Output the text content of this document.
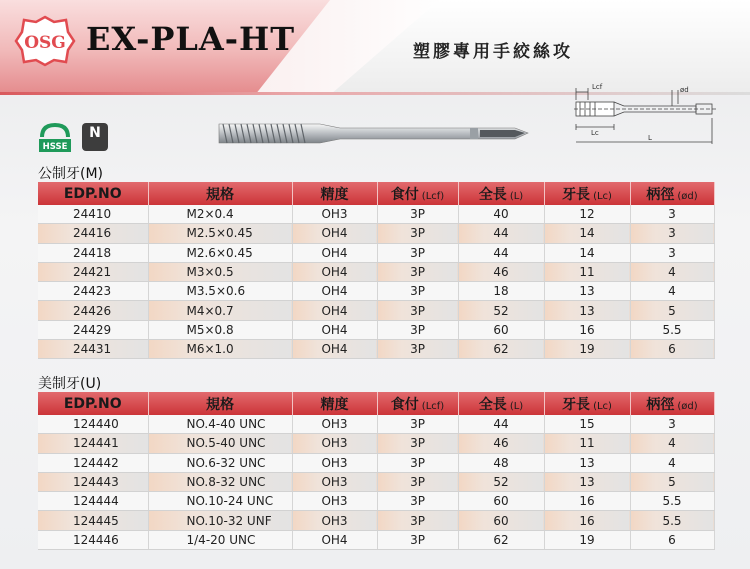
OSG EX-PLA-HT	塑膠專用手絞絲攻
Lcf	ød
Lc
L
HSSE
N
公制牙(M)
EDP.NO	規格	精度	食付 (Lcf)	全長 (L)	牙長 (Lc)	柄徑 (ød)
24410	M2×0.4	OH3	3P	40	12	3
24416	M2.5×0.45	OH4	3P	44	14	3
24418	M2.6×0.45	OH4	3P	44	14	3
24421	M3×0.5	OH4	3P	46	11	4
24423	M3.5×0.6	OH4	3P	18	13	4
24426	M4×0.7	OH4	3P	52	13	5
24429	M5×0.8	OH4	3P	60	16	5.5
24431	M6×1.0	OH4	3P	62	19	6
美制牙(U)
EDP.NO	規格	精度	食付 (Lcf)	全長 (L)	牙長 (Lc)	柄徑 (ød)
124440	NO.4-40 UNC	OH3	3P	44	15	3
124441	NO.5-40 UNC	OH3	3P	46	11	4
124442	NO.6-32 UNC	OH3	3P	48	13	4
124443	NO.8-32 UNC	OH3	3P	52	13	5
124444	NO.10-24 UNC	OH3	3P	60	16	5.5
124445	NO.10-32 UNF	OH3	3P	60	16	5.5
124446	1/4-20 UNC	OH4	3P	62	19	6
